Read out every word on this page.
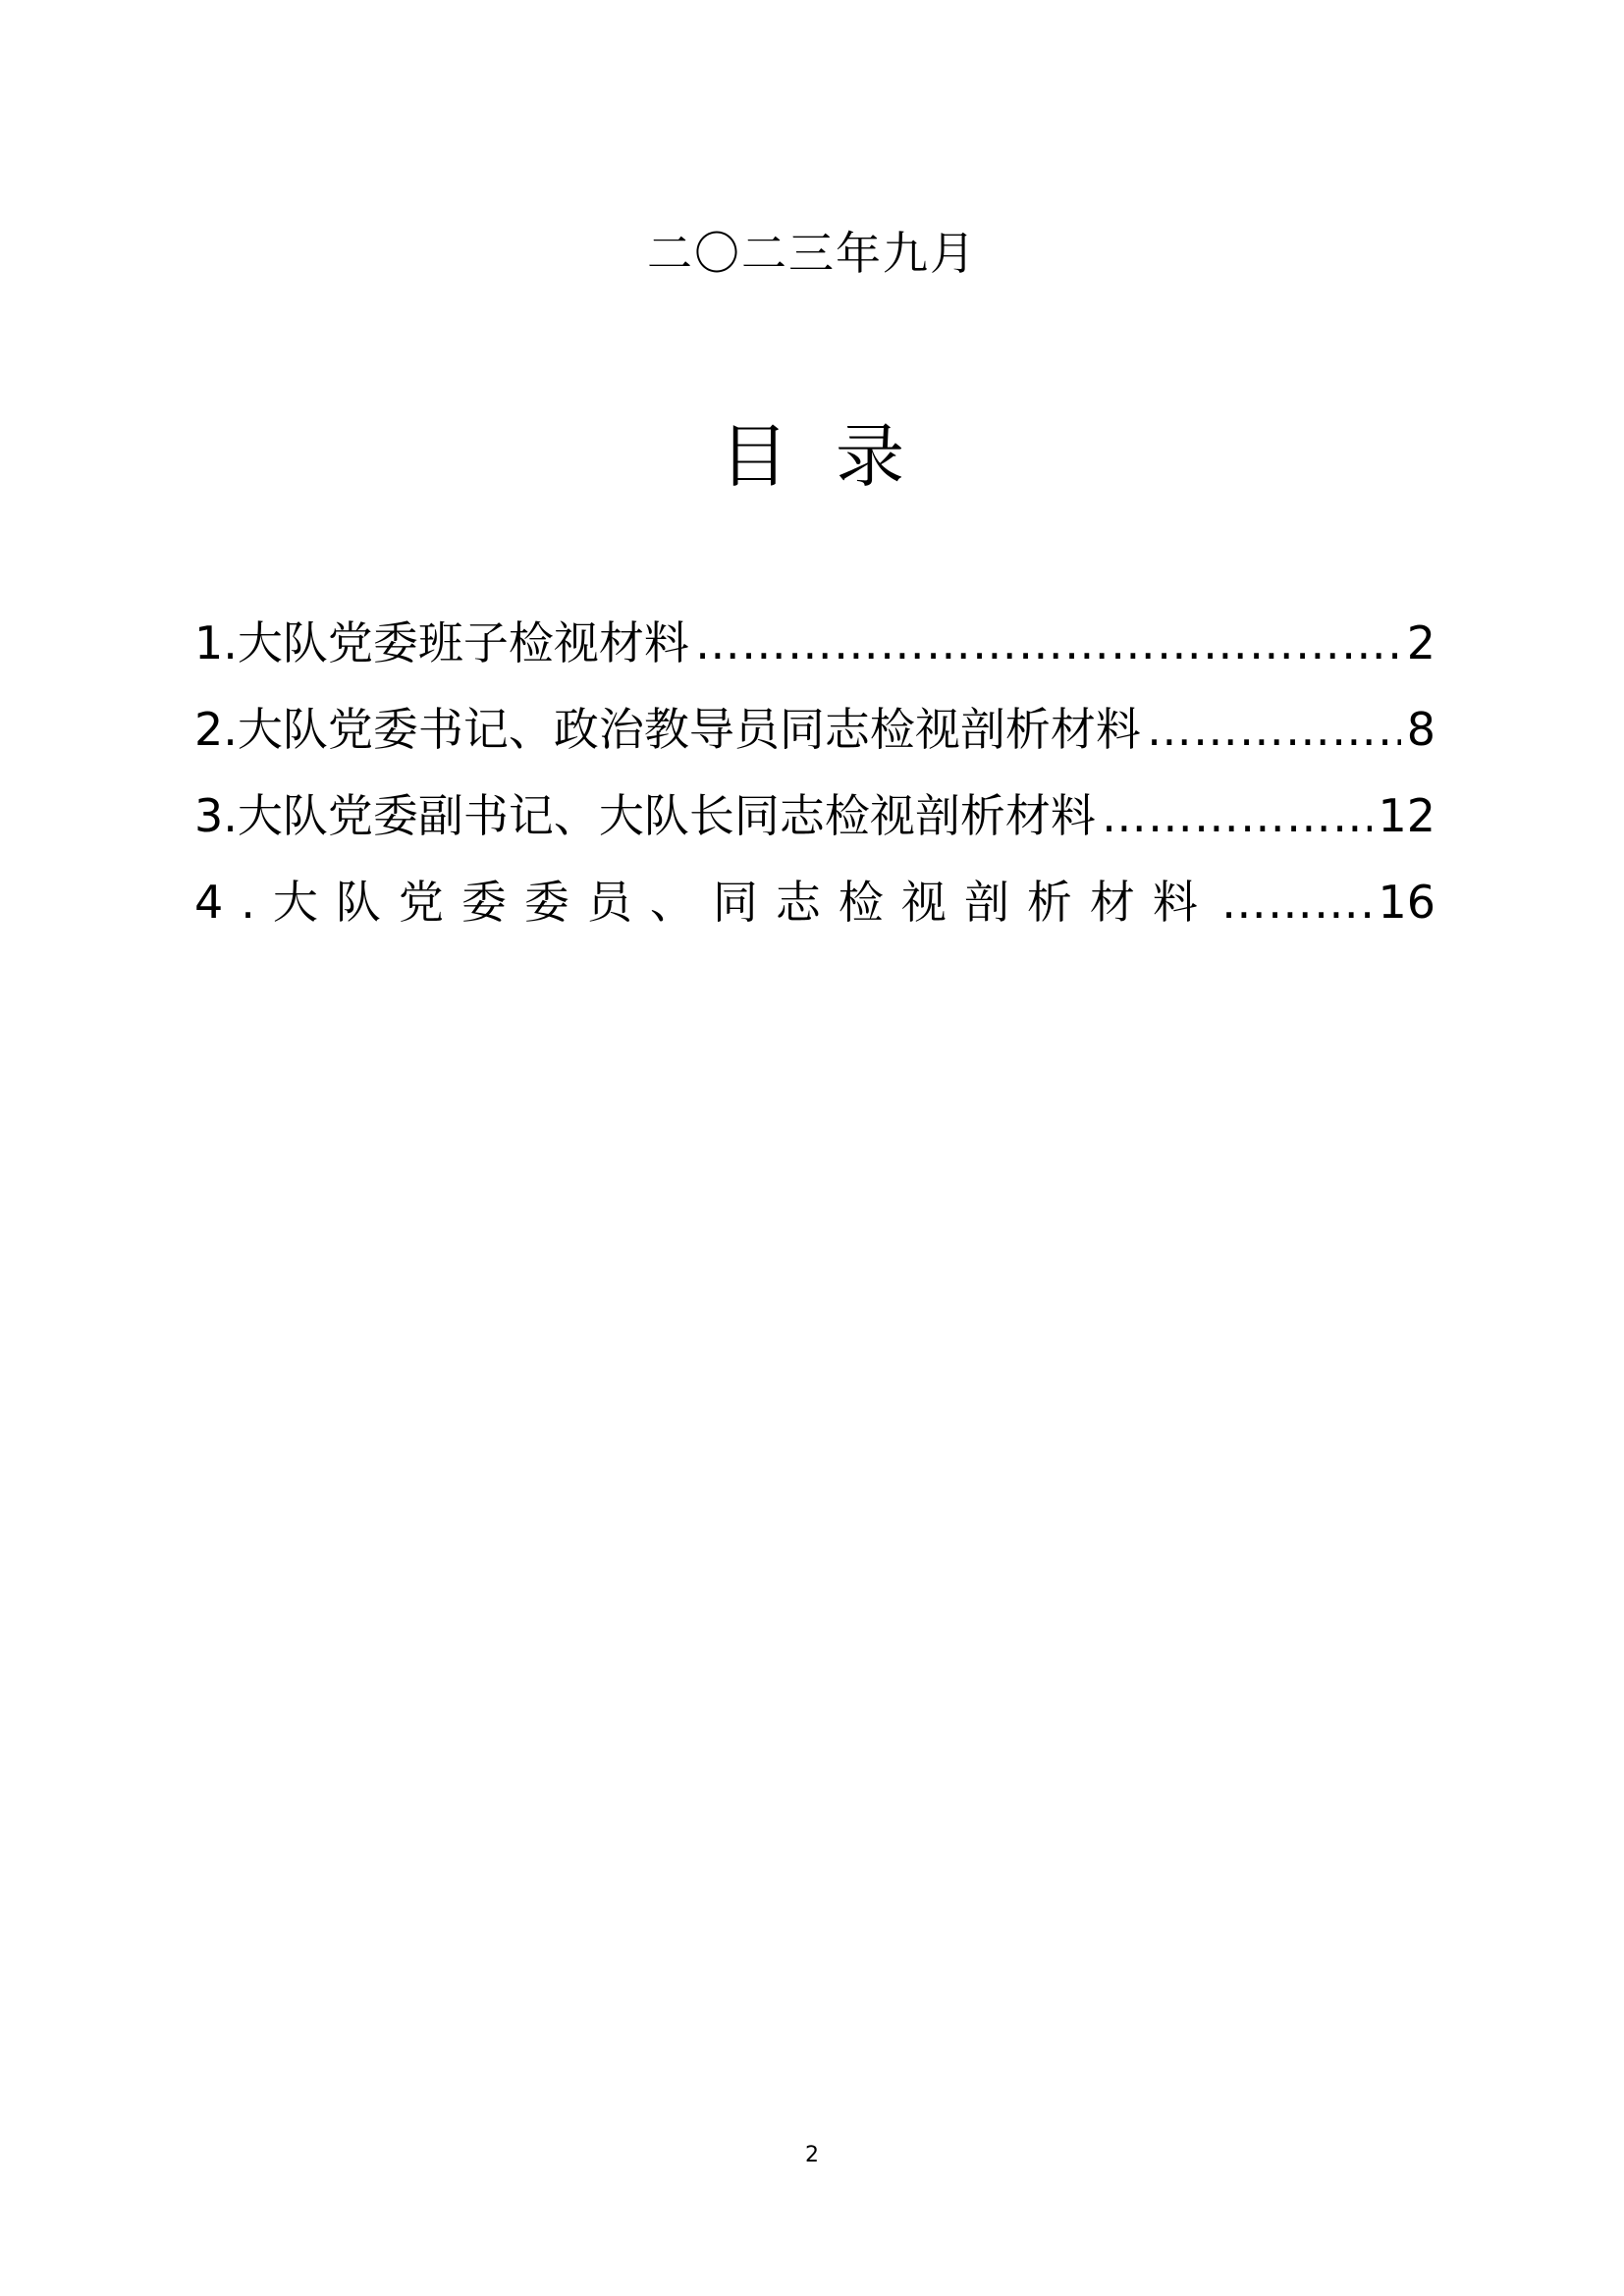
二〇二三年九月
目 录
1.大队党委班子检视材料 ……………………………………………………………………………………………………………………………………	2
2.大队党委书记、政治教导员同志检视剖析材料 ……………………………………………………………………………………………………………………………………	8
3.大队党委副书记、大队长同志检视剖析材料 ……………………………………………………………………………………………………………………………………	12
4.大队党委委员、同志检视剖析材料 ……………………………………………………………………………………………………………………………………	16
2
